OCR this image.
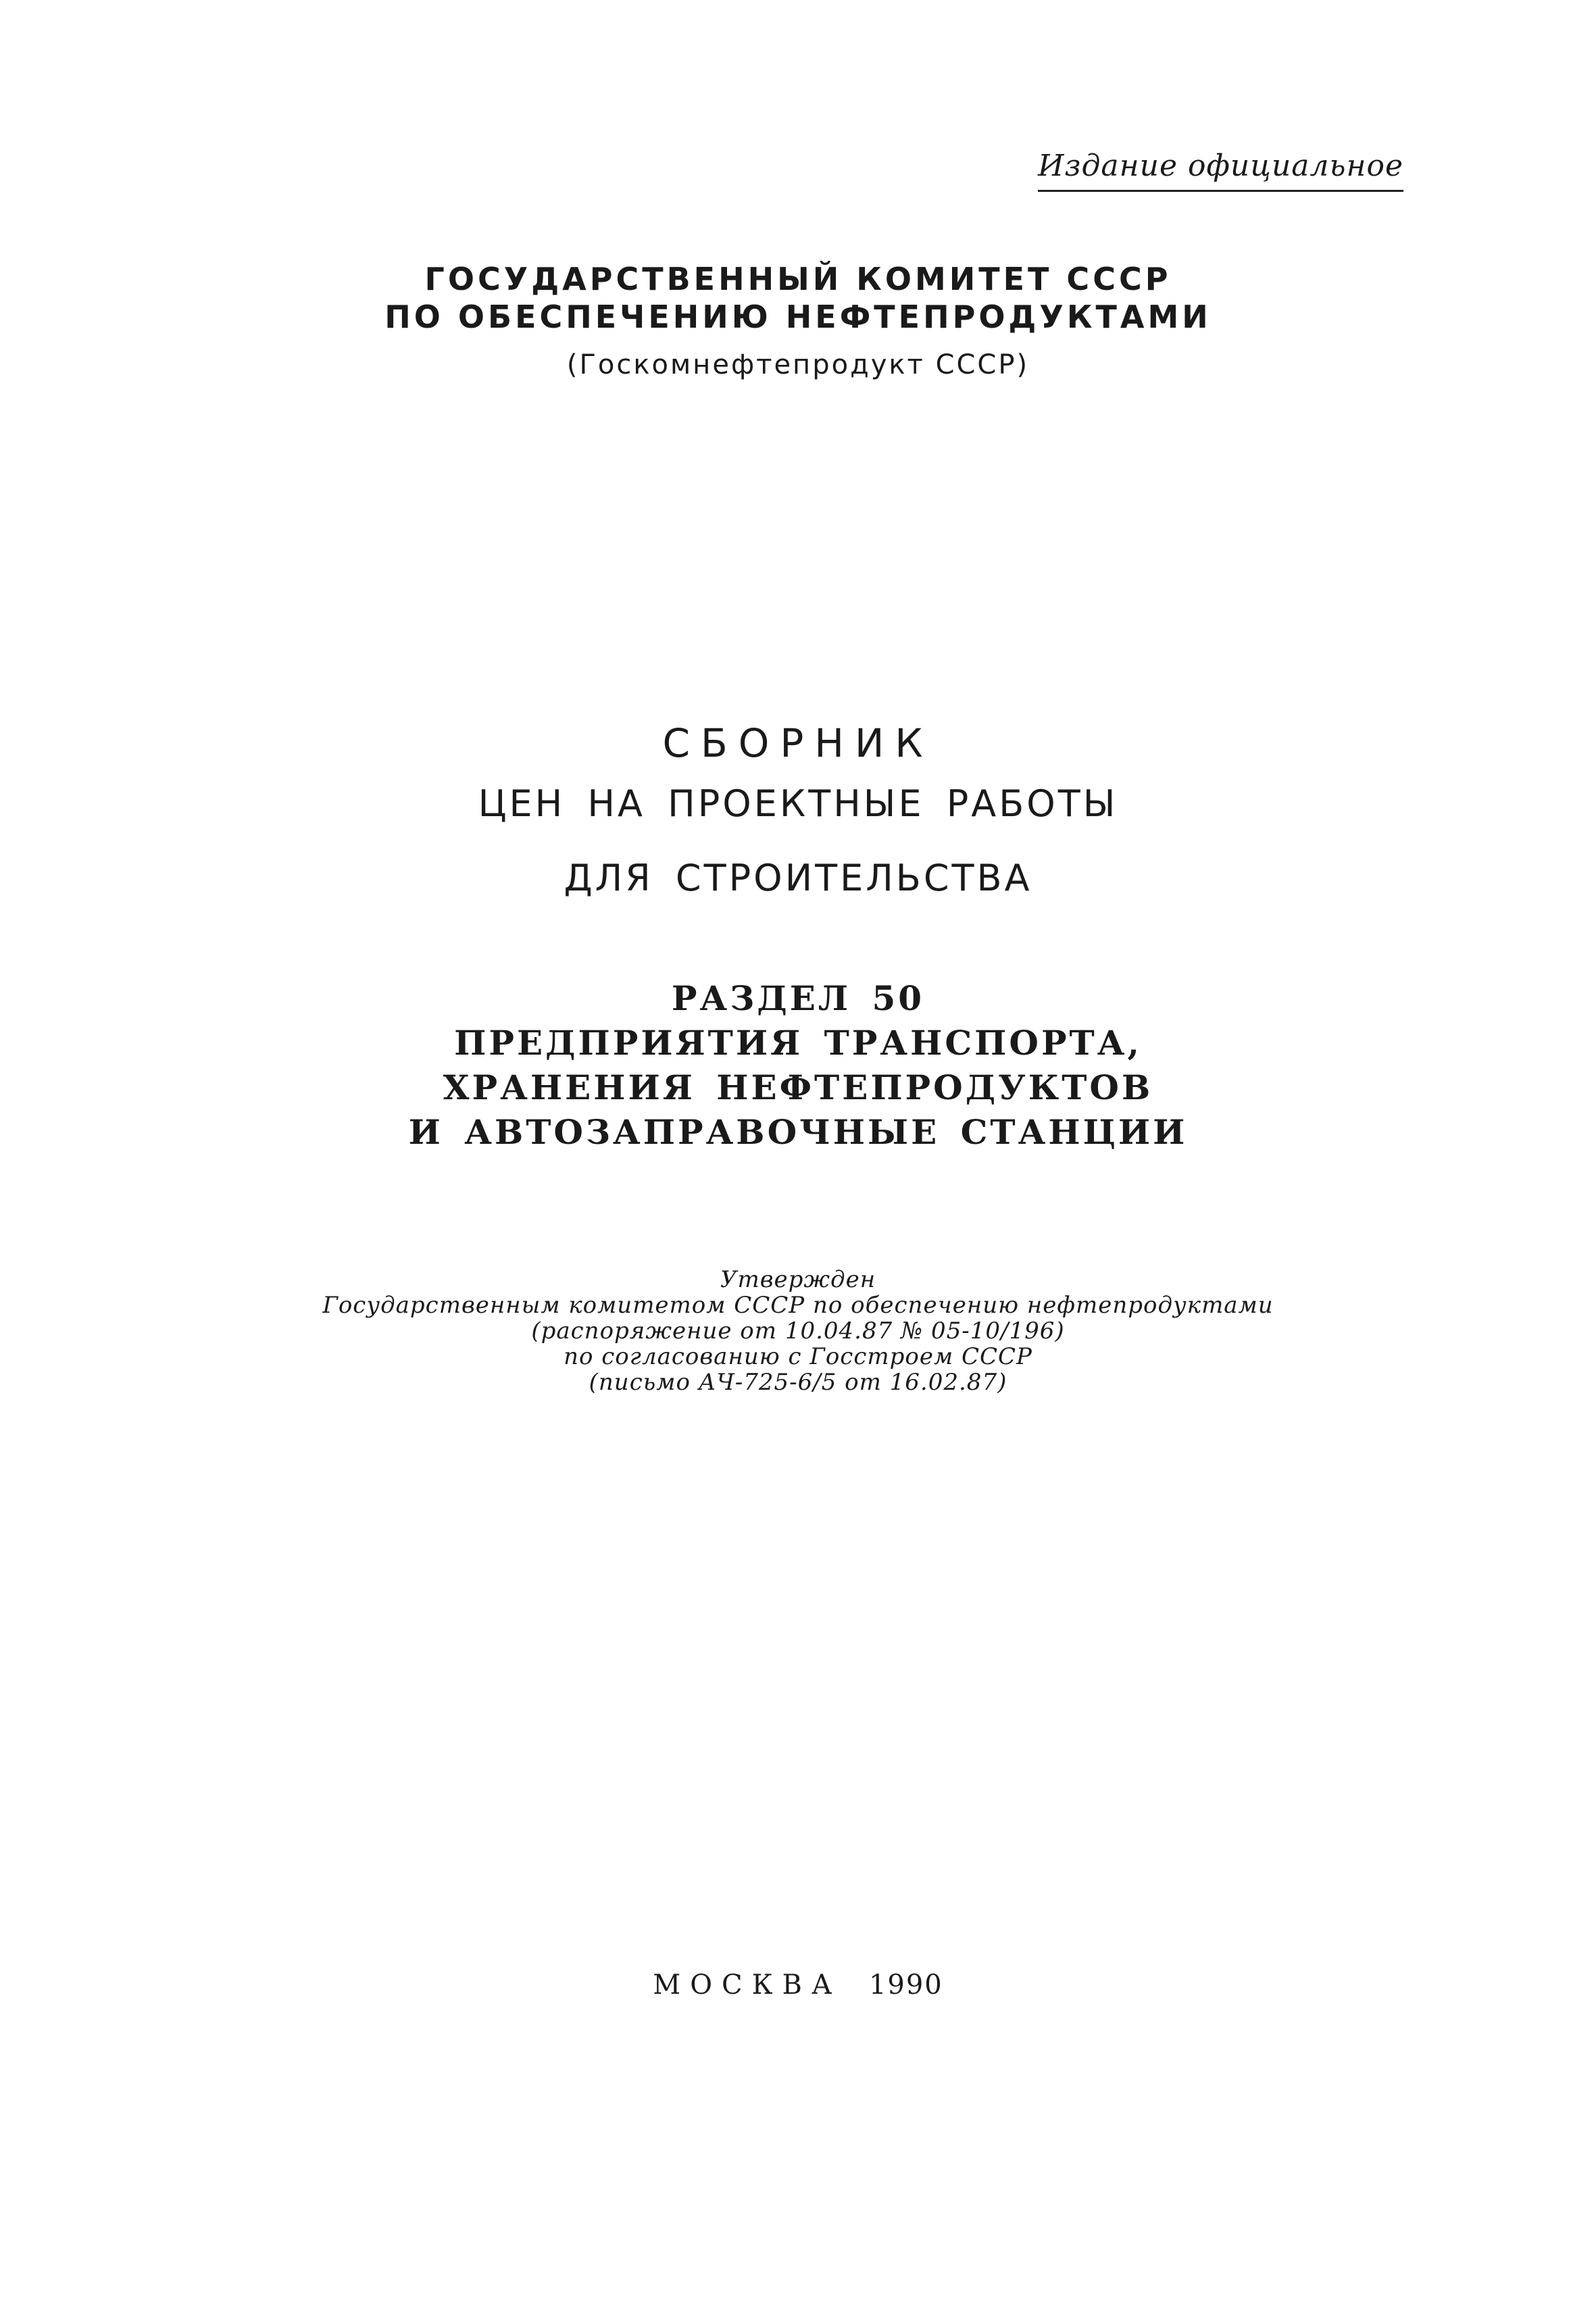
Издание официальное
ГОСУДАРСТВЕННЫЙ КОМИТЕТ СССР
ПО ОБЕСПЕЧЕНИЮ НЕФТЕПРОДУКТАМИ
(Госкомнефтепродукт СССР)
СБОРНИК
ЦЕН НА ПРОЕКТНЫЕ РАБОТЫ
ДЛЯ СТРОИТЕЛЬСТВА
РАЗДЕЛ 50
ПРЕДПРИЯТИЯ ТРАНСПОРТА,
ХРАНЕНИЯ НЕФТЕПРОДУКТОВ
И АВТОЗАПРАВОЧНЫЕ СТАНЦИИ
Утвержден
Государственным комитетом СССР по обеспечению нефтепродуктами
(распоряжение от 10.04.87 № 05-10/196)
по согласованию с Госстроем СССР
(письмо АЧ-725-6/5 от 16.02.87)
МОСКВА 1990
